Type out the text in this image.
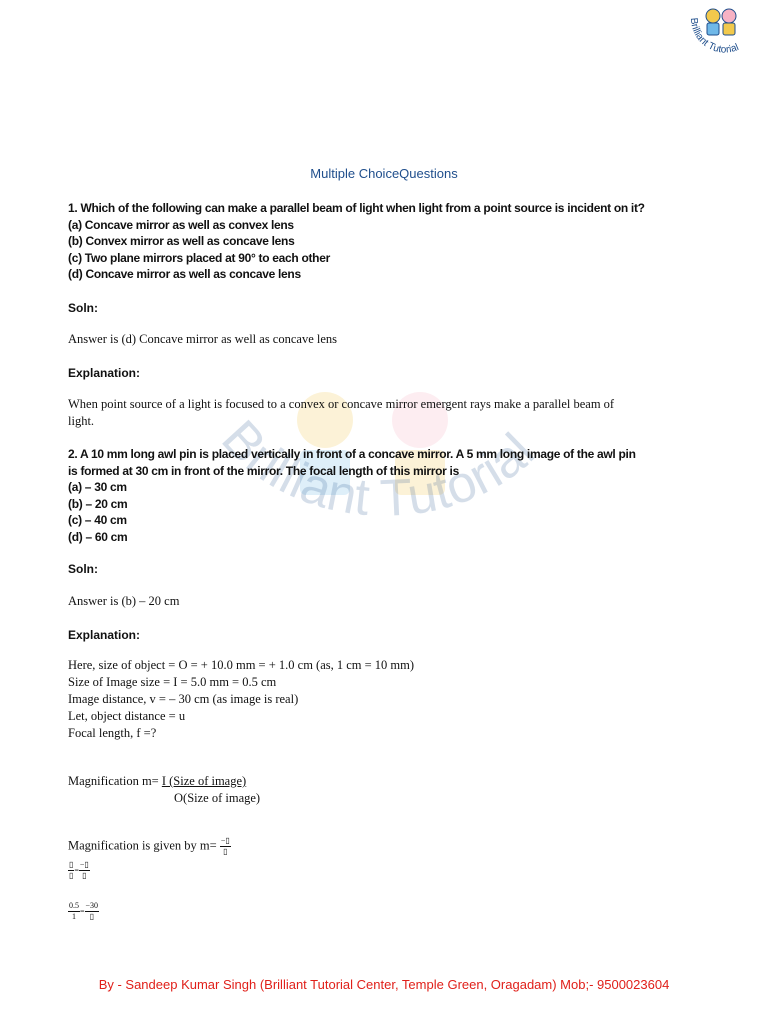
Brilliant Tutorial
Brilliant Tutorial
Multiple ChoiceQuestions
1. Which of the following can make a parallel beam of light when light from a point source is incident on it?
(a) Concave mirror as well as convex lens
(b) Convex mirror as well as concave lens
(c) Two plane mirrors placed at 90° to each other
(d) Concave mirror as well as concave lens
Soln:
Answer is (d) Concave mirror as well as concave lens
Explanation:
When point source of a light is focused to a convex or concave mirror emergent rays make a parallel beam of
light.
2. A 10 mm long awl pin is placed vertically in front of a concave mirror. A 5 mm long image of the awl pin
is formed at 30 cm in front of the mirror. The focal length of this mirror is
(a) – 30 cm
(b) – 20 cm
(c) – 40 cm
(d) – 60 cm
Soln:
Answer is (b) – 20 cm
Explanation:
Here, size of object = O = + 10.0 mm = + 1.0 cm (as, 1 cm = 10 mm)
Size of Image size = I = 5.0 mm = 0.5 cm
Image distance, v = – 30 cm (as image is real)
Let, object distance = u
Focal length, f =?
Magnification m= I (Size of image)
O(Size of image)
Magnification is given by $m= \frac{-▯}{▯}$
$\frac{▯}{▯} = \frac{-▯}{▯}$
$\frac{0.5}{1} = \frac{-30}{▯}$
By - Sandeep Kumar Singh (Brilliant Tutorial Center, Temple Green, Oragadam) Mob;- 9500023604
